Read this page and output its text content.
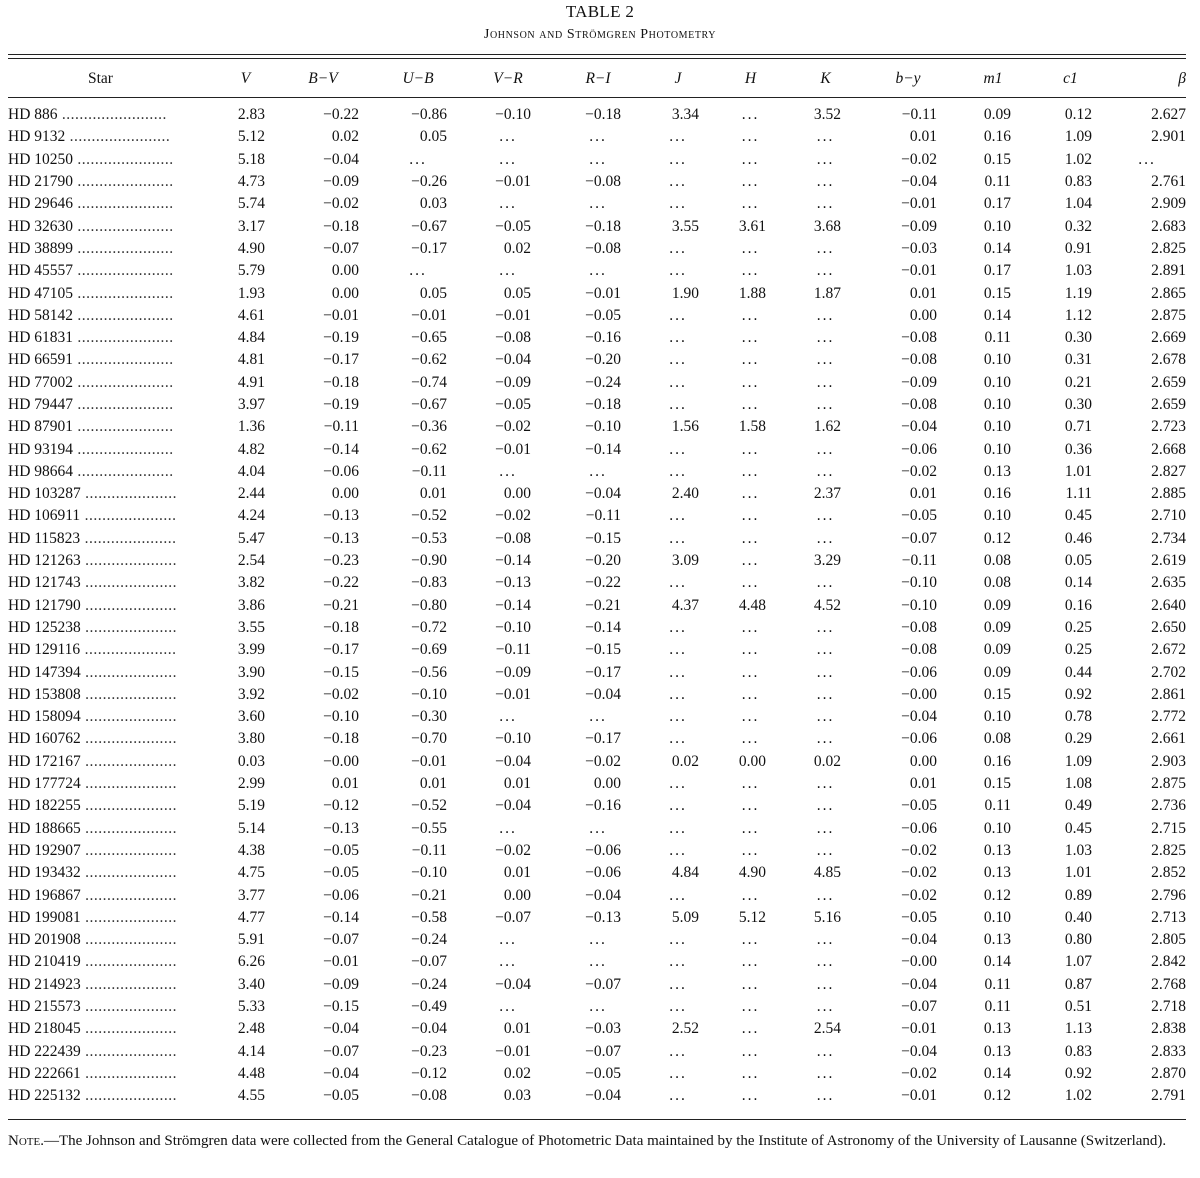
TABLE 2
Johnson and Strömgren Photometry
Star	V	B−V	U−B	V−R	R−I	J	H	K	b−y	m1	c1	β
HD 886 ........................	2.83	−0.22	−0.86	−0.10	−0.18	3.34	...	3.52	−0.11	0.09	0.12	2.627
HD 9132 .......................	5.12	0.02	0.05	...	...	...	...	...	0.01	0.16	1.09	2.901
HD 10250 ......................	5.18	−0.04	...	...	...	...	...	...	−0.02	0.15	1.02	...
HD 21790 ......................	4.73	−0.09	−0.26	−0.01	−0.08	...	...	...	−0.04	0.11	0.83	2.761
HD 29646 ......................	5.74	−0.02	0.03	...	...	...	...	...	−0.01	0.17	1.04	2.909
HD 32630 ......................	3.17	−0.18	−0.67	−0.05	−0.18	3.55	3.61	3.68	−0.09	0.10	0.32	2.683
HD 38899 ......................	4.90	−0.07	−0.17	0.02	−0.08	...	...	...	−0.03	0.14	0.91	2.825
HD 45557 ......................	5.79	0.00	...	...	...	...	...	...	−0.01	0.17	1.03	2.891
HD 47105 ......................	1.93	0.00	0.05	0.05	−0.01	1.90	1.88	1.87	0.01	0.15	1.19	2.865
HD 58142 ......................	4.61	−0.01	−0.01	−0.01	−0.05	...	...	...	0.00	0.14	1.12	2.875
HD 61831 ......................	4.84	−0.19	−0.65	−0.08	−0.16	...	...	...	−0.08	0.11	0.30	2.669
HD 66591 ......................	4.81	−0.17	−0.62	−0.04	−0.20	...	...	...	−0.08	0.10	0.31	2.678
HD 77002 ......................	4.91	−0.18	−0.74	−0.09	−0.24	...	...	...	−0.09	0.10	0.21	2.659
HD 79447 ......................	3.97	−0.19	−0.67	−0.05	−0.18	...	...	...	−0.08	0.10	0.30	2.659
HD 87901 ......................	1.36	−0.11	−0.36	−0.02	−0.10	1.56	1.58	1.62	−0.04	0.10	0.71	2.723
HD 93194 ......................	4.82	−0.14	−0.62	−0.01	−0.14	...	...	...	−0.06	0.10	0.36	2.668
HD 98664 ......................	4.04	−0.06	−0.11	...	...	...	...	...	−0.02	0.13	1.01	2.827
HD 103287 .....................	2.44	0.00	0.01	0.00	−0.04	2.40	...	2.37	0.01	0.16	1.11	2.885
HD 106911 .....................	4.24	−0.13	−0.52	−0.02	−0.11	...	...	...	−0.05	0.10	0.45	2.710
HD 115823 .....................	5.47	−0.13	−0.53	−0.08	−0.15	...	...	...	−0.07	0.12	0.46	2.734
HD 121263 .....................	2.54	−0.23	−0.90	−0.14	−0.20	3.09	...	3.29	−0.11	0.08	0.05	2.619
HD 121743 .....................	3.82	−0.22	−0.83	−0.13	−0.22	...	...	...	−0.10	0.08	0.14	2.635
HD 121790 .....................	3.86	−0.21	−0.80	−0.14	−0.21	4.37	4.48	4.52	−0.10	0.09	0.16	2.640
HD 125238 .....................	3.55	−0.18	−0.72	−0.10	−0.14	...	...	...	−0.08	0.09	0.25	2.650
HD 129116 .....................	3.99	−0.17	−0.69	−0.11	−0.15	...	...	...	−0.08	0.09	0.25	2.672
HD 147394 .....................	3.90	−0.15	−0.56	−0.09	−0.17	...	...	...	−0.06	0.09	0.44	2.702
HD 153808 .....................	3.92	−0.02	−0.10	−0.01	−0.04	...	...	...	−0.00	0.15	0.92	2.861
HD 158094 .....................	3.60	−0.10	−0.30	...	...	...	...	...	−0.04	0.10	0.78	2.772
HD 160762 .....................	3.80	−0.18	−0.70	−0.10	−0.17	...	...	...	−0.06	0.08	0.29	2.661
HD 172167 .....................	0.03	−0.00	−0.01	−0.04	−0.02	0.02	0.00	0.02	0.00	0.16	1.09	2.903
HD 177724 .....................	2.99	0.01	0.01	0.01	0.00	...	...	...	0.01	0.15	1.08	2.875
HD 182255 .....................	5.19	−0.12	−0.52	−0.04	−0.16	...	...	...	−0.05	0.11	0.49	2.736
HD 188665 .....................	5.14	−0.13	−0.55	...	...	...	...	...	−0.06	0.10	0.45	2.715
HD 192907 .....................	4.38	−0.05	−0.11	−0.02	−0.06	...	...	...	−0.02	0.13	1.03	2.825
HD 193432 .....................	4.75	−0.05	−0.10	0.01	−0.06	4.84	4.90	4.85	−0.02	0.13	1.01	2.852
HD 196867 .....................	3.77	−0.06	−0.21	0.00	−0.04	...	...	...	−0.02	0.12	0.89	2.796
HD 199081 .....................	4.77	−0.14	−0.58	−0.07	−0.13	5.09	5.12	5.16	−0.05	0.10	0.40	2.713
HD 201908 .....................	5.91	−0.07	−0.24	...	...	...	...	...	−0.04	0.13	0.80	2.805
HD 210419 .....................	6.26	−0.01	−0.07	...	...	...	...	...	−0.00	0.14	1.07	2.842
HD 214923 .....................	3.40	−0.09	−0.24	−0.04	−0.07	...	...	...	−0.04	0.11	0.87	2.768
HD 215573 .....................	5.33	−0.15	−0.49	...	...	...	...	...	−0.07	0.11	0.51	2.718
HD 218045 .....................	2.48	−0.04	−0.04	0.01	−0.03	2.52	...	2.54	−0.01	0.13	1.13	2.838
HD 222439 .....................	4.14	−0.07	−0.23	−0.01	−0.07	...	...	...	−0.04	0.13	0.83	2.833
HD 222661 .....................	4.48	−0.04	−0.12	0.02	−0.05	...	...	...	−0.02	0.14	0.92	2.870
HD 225132 .....................	4.55	−0.05	−0.08	0.03	−0.04	...	...	...	−0.01	0.12	1.02	2.791
Note.—The Johnson and Strömgren data were collected from the General Catalogue of Photometric Data maintained by the Institute of Astronomy of the University of Lausanne (Switzerland).
